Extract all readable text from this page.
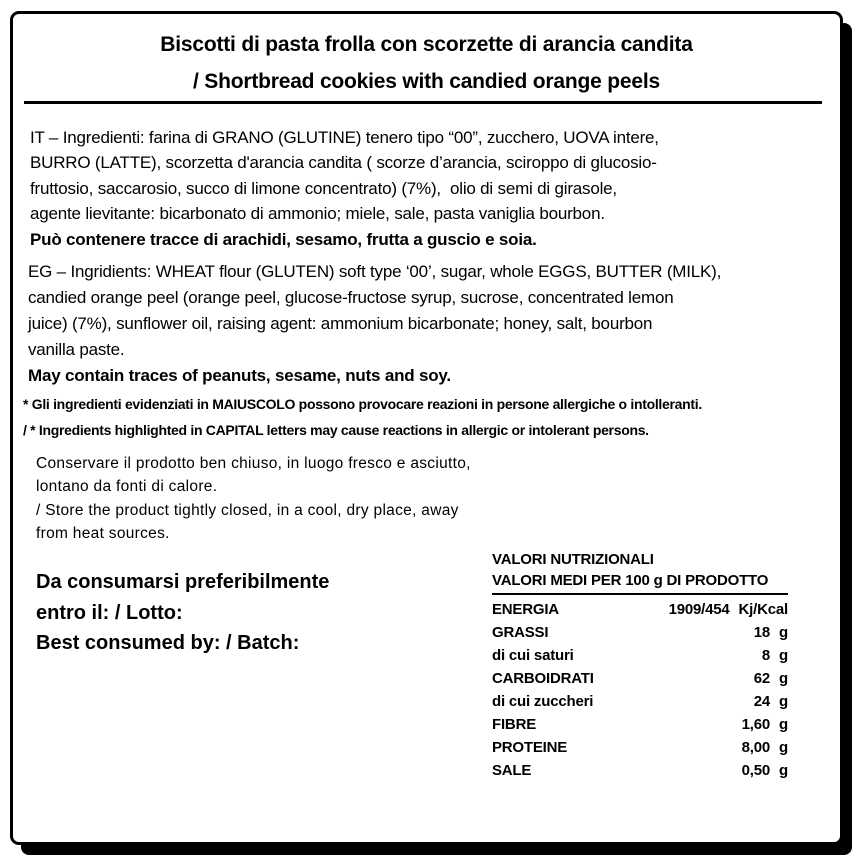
Biscotti di pasta frolla con scorzette di arancia candita
/ Shortbread cookies with candied orange peels
IT – Ingredienti: farina di GRANO (GLUTINE) tenero tipo “00”, zucchero, UOVA intere,
BURRO (LATTE), scorzetta d'arancia candita ( scorze d’arancia, sciroppo di glucosio-
fruttosio, saccarosio, succo di limone concentrato) (7%),  olio di semi di girasole,
agente lievitante: bicarbonato di ammonio; miele, sale, pasta vaniglia bourbon.
Può contenere tracce di arachidi, sesamo, frutta a guscio e soia.
EG – Ingridients: WHEAT flour (GLUTEN) soft type ‘00’, sugar, whole EGGS, BUTTER (MILK),
candied orange peel (orange peel, glucose-fructose syrup, sucrose, concentrated lemon
juice) (7%), sunflower oil, raising agent: ammonium bicarbonate; honey, salt, bourbon
vanilla paste.
May contain traces of peanuts, sesame, nuts and soy.
* Gli ingredienti evidenziati in MAIUSCOLO possono provocare reazioni in persone allergiche o intolleranti.
/ * Ingredients highlighted in CAPITAL letters may cause reactions in allergic or intolerant persons.
Conservare il prodotto ben chiuso, in luogo fresco e asciutto,
lontano da fonti di calore.
/ Store the product tightly closed, in a cool, dry place, away
from heat sources.
Da consumarsi preferibilmente
entro il: / Lotto:
Best consumed by: / Batch:
VALORI NUTRIZIONALI
VALORI MEDI PER 100 g DI PRODOTTO
ENERGIA	1909/454 Kj/Kcal
GRASSI	18 g
di cui saturi	8 g
CARBOIDRATI	62 g
di cui zuccheri	24 g
FIBRE	1,60 g
PROTEINE	8,00 g
SALE	0,50 g
